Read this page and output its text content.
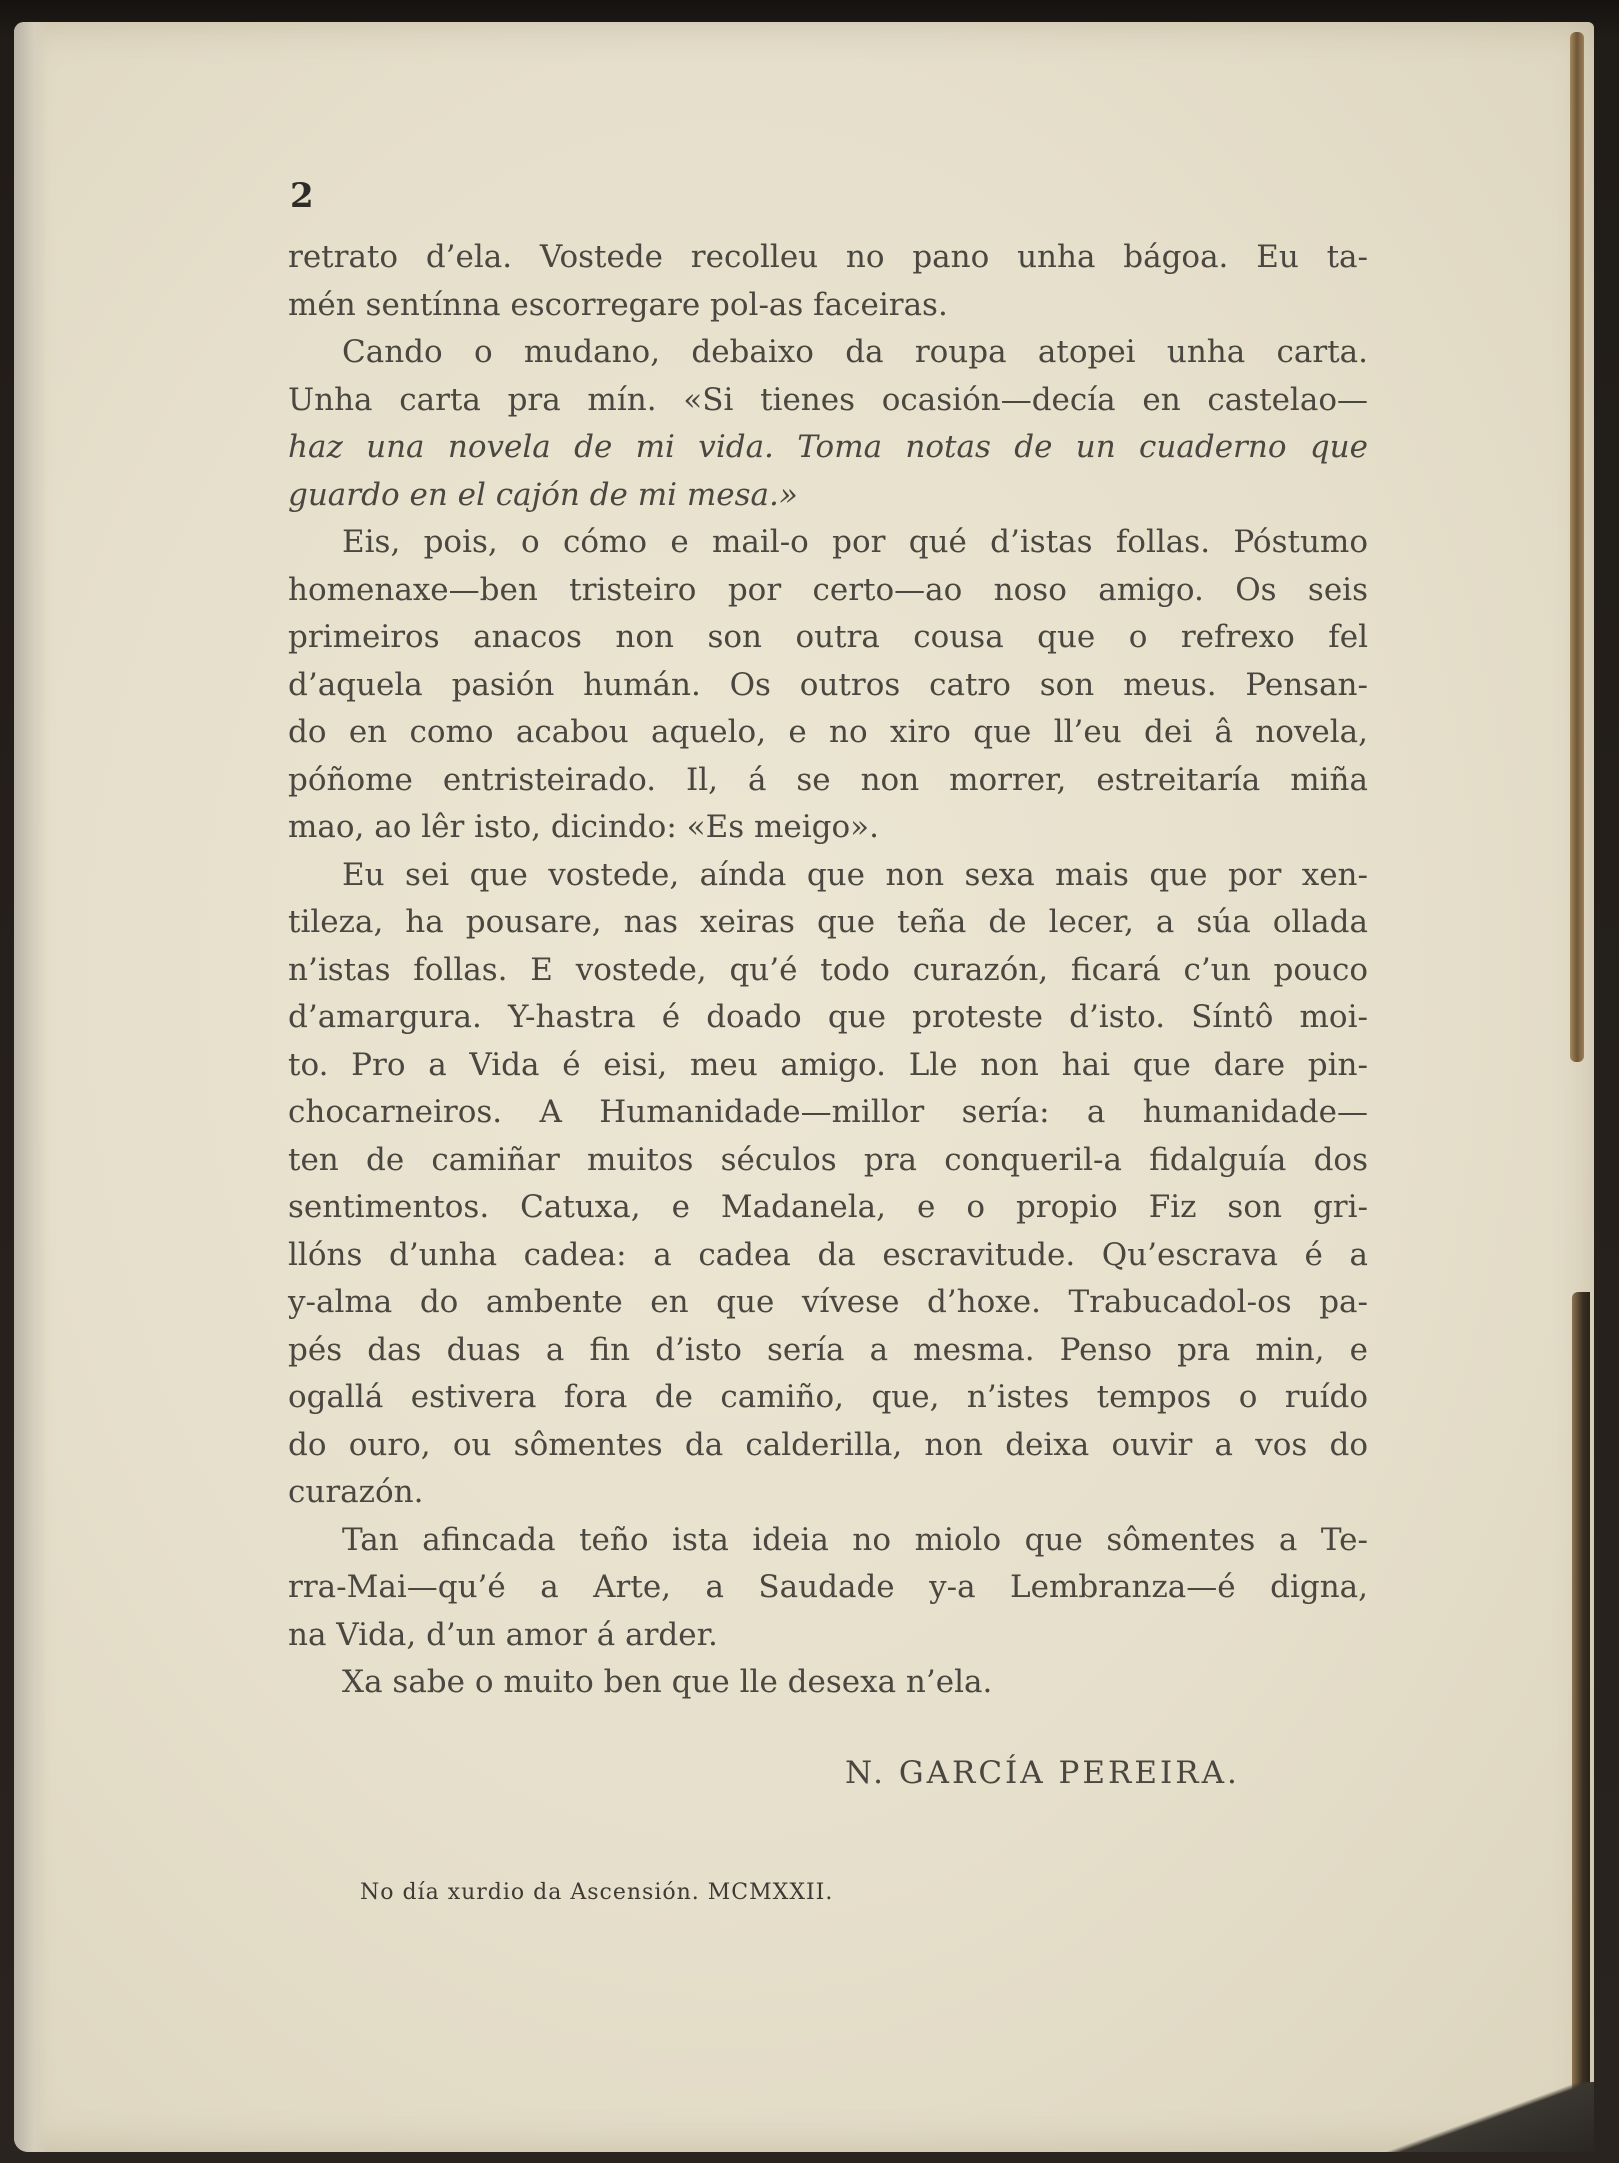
2
retrato d’ela. Vostede recolleu no pano unha bágoa. Eu ta-
mén sentínna escorregare pol-as faceiras.
Cando o mudano, debaixo da roupa atopei unha carta.
Unha carta pra mín. «Si tienes ocasión—decía en castelao—
haz una novela de mi vida. Toma notas de un cuaderno que
guardo en el cajón de mi mesa.»
Eis, pois, o cómo e mail-o por qué d’istas follas. Póstumo
homenaxe—ben tristeiro por certo—ao noso amigo. Os seis
primeiros anacos non son outra cousa que o refrexo fel
d’aquela pasión humán. Os outros catro son meus. Pensan-
do en como acabou aquelo, e no xiro que ll’eu dei â novela,
póñome entristeirado. Il, á se non morrer, estreitaría miña
mao, ao lêr isto, dicindo: «Es meigo».
Eu sei que vostede, aínda que non sexa mais que por xen-
tileza, ha pousare, nas xeiras que teña de lecer, a súa ollada
n’istas follas. E vostede, qu’é todo curazón, ficará c’un pouco
d’amargura. Y-hastra é doado que proteste d’isto. Síntô moi-
to. Pro a Vida é eisi, meu amigo. Lle non hai que dare pin-
chocarneiros. A Humanidade—millor sería: a humanidade—
ten de camiñar muitos séculos pra conqueril-a fidalguía dos
sentimentos. Catuxa, e Madanela, e o propio Fiz son gri-
llóns d’unha cadea: a cadea da escravitude. Qu’escrava é a
y-alma do ambente en que vívese d’hoxe. Trabucadol-os pa-
pés das duas a fin d’isto sería a mesma. Penso pra min, e
ogallá estivera fora de camiño, que, n’istes tempos o ruído
do ouro, ou sômentes da calderilla, non deixa ouvir a vos do
curazón.
Tan afincada teño ista ideia no miolo que sômentes a Te-
rra-Mai—qu’é a Arte, a Saudade y-a Lembranza—é digna,
na Vida, d’un amor á arder.
Xa sabe o muito ben que lle desexa n’ela.
N. GARCÍA PEREIRA.
No día xurdio da Ascensión. MCMXXII.
